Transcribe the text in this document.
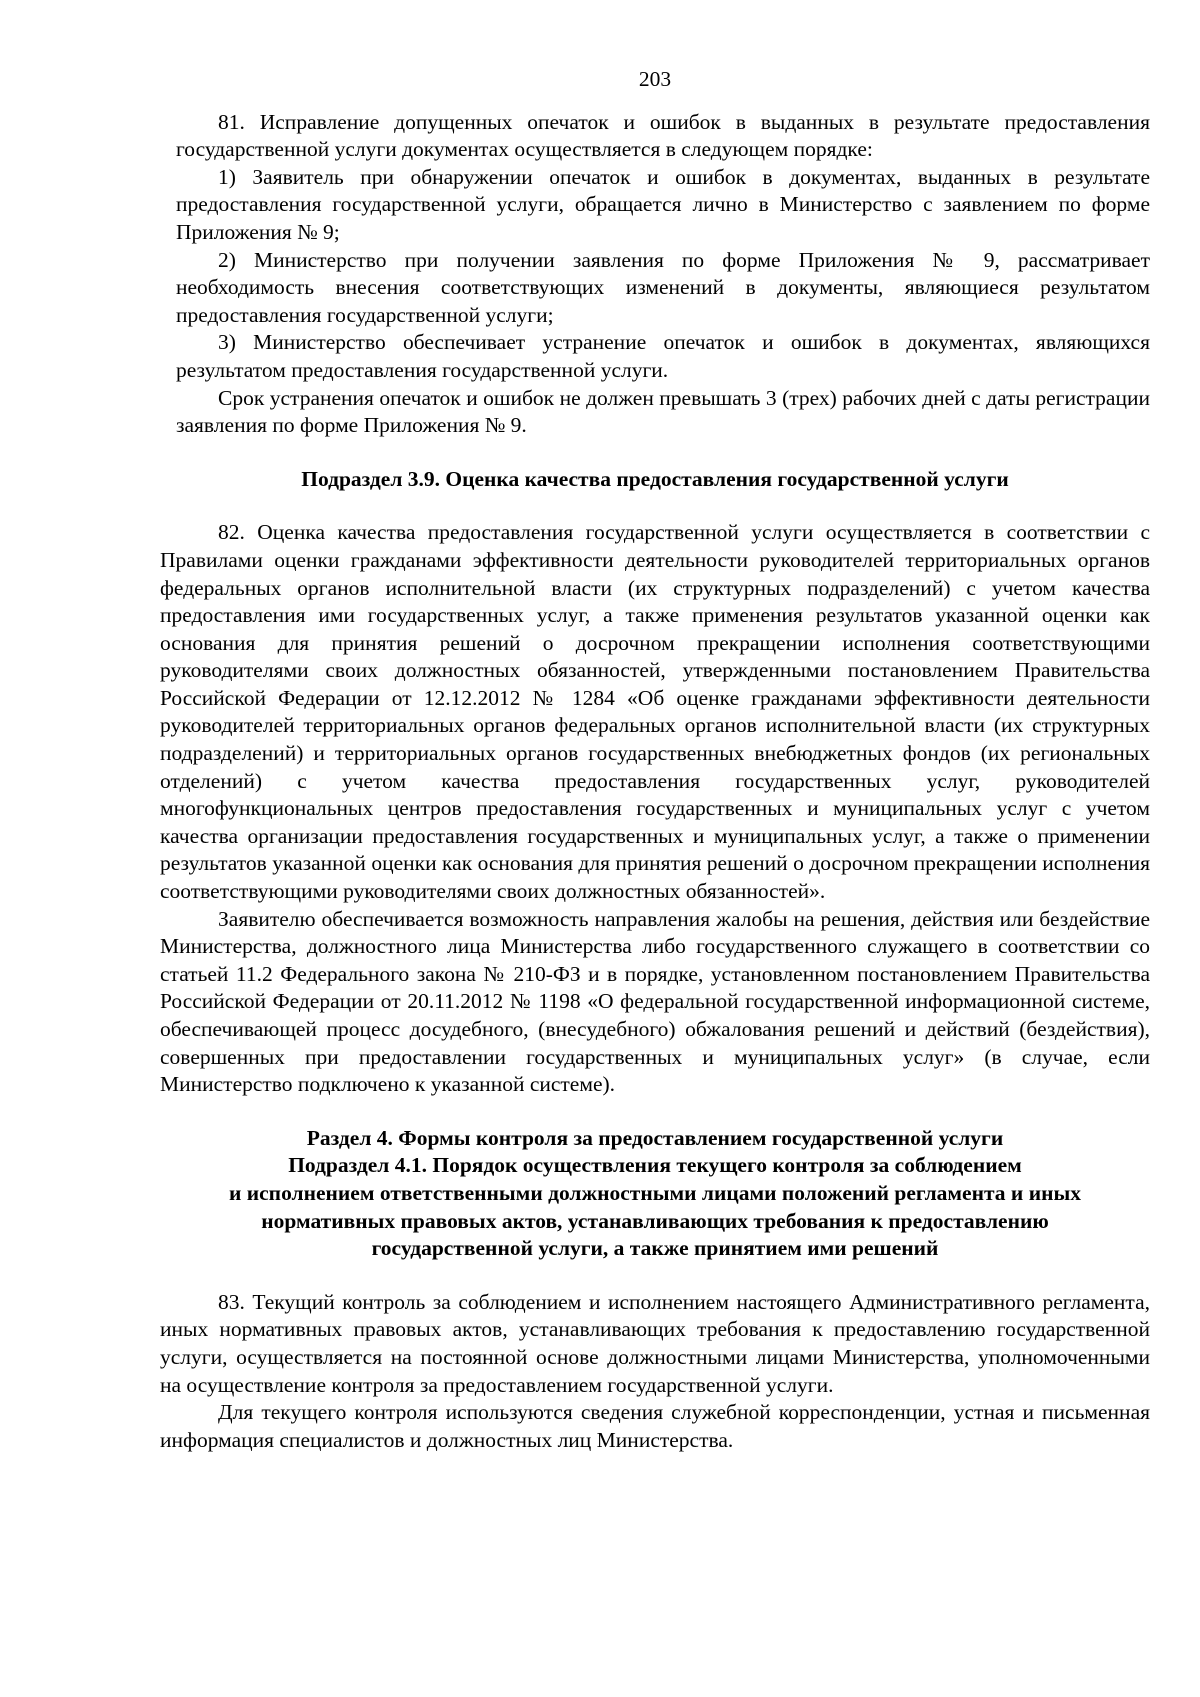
203

81. Исправление допущенных опечаток и ошибок в выданных в результате предоставления государственной услуги документах осуществляется в следующем порядке:

1) Заявитель при обнаружении опечаток и ошибок в документах, выданных в результате предоставления государственной услуги, обращается лично в Министерство с заявлением по форме Приложения № 9;

2) Министерство при получении заявления по форме Приложения № 9, рассматривает необходимость внесения соответствующих изменений в документы, являющиеся результатом предоставления государственной услуги;

3) Министерство обеспечивает устранение опечаток и ошибок в документах, являющихся результатом предоставления государственной услуги.

Срок устранения опечаток и ошибок не должен превышать 3 (трех) рабочих дней с даты регистрации заявления по форме Приложения № 9.

Подраздел 3.9. Оценка качества предоставления государственной услуги

82. Оценка качества предоставления государственной услуги осуществляется в соответствии с Правилами оценки гражданами эффективности деятельности руководителей территориальных органов федеральных органов исполнительной власти (их структурных подразделений) с учетом качества предоставления ими государственных услуг, а также применения результатов указанной оценки как основания для принятия решений о досрочном прекращении исполнения соответствующими руководителями своих должностных обязанностей, утвержденными постановлением Правительства Российской Федерации от 12.12.2012 № 1284 «Об оценке гражданами эффективности деятельности руководителей территориальных органов федеральных органов исполнительной власти (их структурных подразделений) и территориальных органов государственных внебюджетных фондов (их региональных отделений) с учетом качества предоставления государственных услуг, руководителей многофункциональных центров предоставления государственных и муниципальных услуг с учетом качества организации предоставления государственных и муниципальных услуг, а также о применении результатов указанной оценки как основания для принятия решений о досрочном прекращении исполнения соответствующими руководителями своих должностных обязанностей».

Заявителю обеспечивается возможность направления жалобы на решения, действия или бездействие Министерства, должностного лица Министерства либо государственного служащего в соответствии со статьей 11.2 Федерального закона № 210-ФЗ и в порядке, установленном постановлением Правительства Российской Федерации от 20.11.2012 № 1198 «О федеральной государственной информационной системе, обеспечивающей процесс досудебного, (внесудебного) обжалования решений и действий (бездействия), совершенных при предоставлении государственных и муниципальных услуг» (в случае, если Министерство подключено к указанной системе).

Раздел 4. Формы контроля за предоставлением государственной услуги
Подраздел 4.1. Порядок осуществления текущего контроля за соблюдением
и исполнением ответственными должностными лицами положений регламента и иных
нормативных правовых актов, устанавливающих требования к предоставлению
государственной услуги, а также принятием ими решений

83. Текущий контроль за соблюдением и исполнением настоящего Административного регламента, иных нормативных правовых актов, устанавливающих требования к предоставлению государственной услуги, осуществляется на постоянной основе должностными лицами Министерства, уполномоченными на осуществление контроля за предоставлением государственной услуги.

Для текущего контроля используются сведения служебной корреспонденции, устная и письменная информация специалистов и должностных лиц Министерства.
